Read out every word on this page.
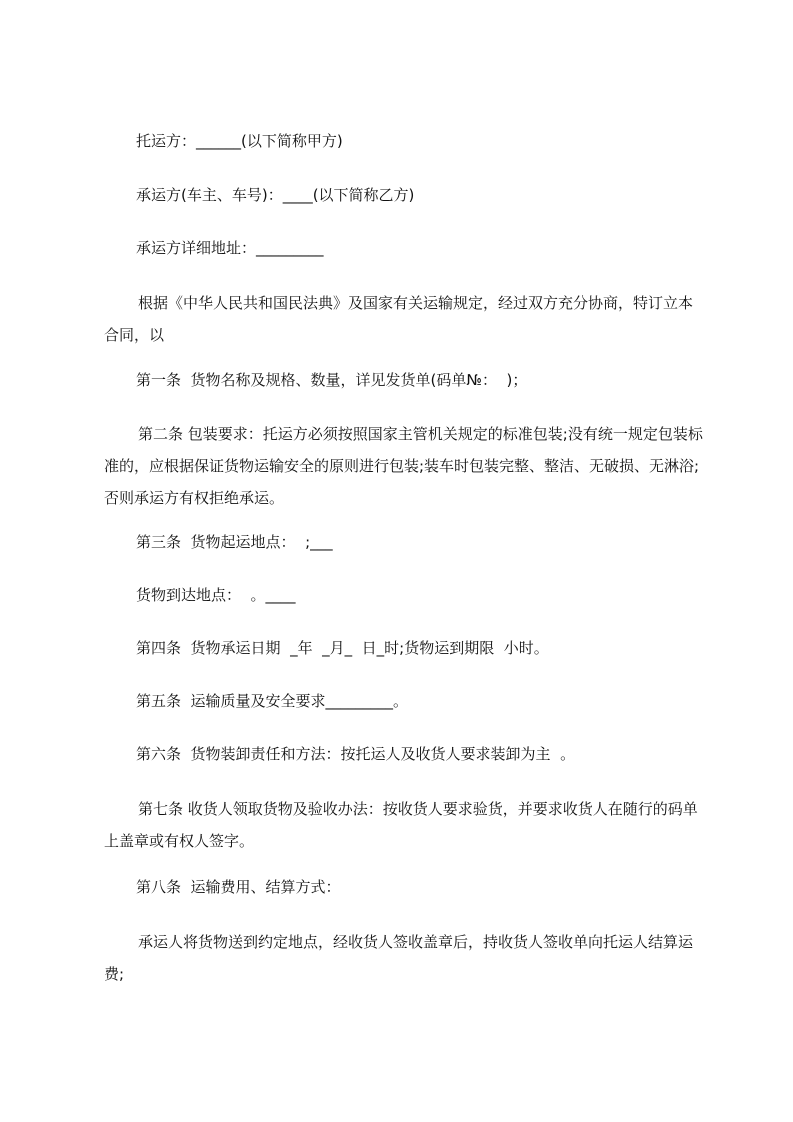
托运方：______(以下简称甲方)
承运方(车主、车号)：____(以下简称乙方)
承运方详细地址：_________
根据《中华人民共和国民法典》及国家有关运输规定，经过双方充分协商，特订立本合同，以
第一条  货物名称及规格、数量，详见发货单(码单№：  )；
第二条 包装要求：托运方必须按照国家主管机关规定的标准包装;没有统一规定包装标准的，应根据保证货物运输安全的原则进行包装;装车时包装完整、整洁、无破损、无淋浴;否则承运方有权拒绝承运。
第三条  货物起运地点：  ;___
货物到达地点：  。____
第四条  货物承运日期  _年  _月_  日_时;货物运到期限  小时。
第五条  运输质量及安全要求_________。
第六条  货物装卸责任和方法：按托运人及收货人要求装卸为主  。
第七条 收货人领取货物及验收办法：按收货人要求验货，并要求收货人在随行的码单上盖章或有权人签字。
第八条  运输费用、结算方式：
承运人将货物送到约定地点，经收货人签收盖章后，持收货人签收单向托运人结算运费;
